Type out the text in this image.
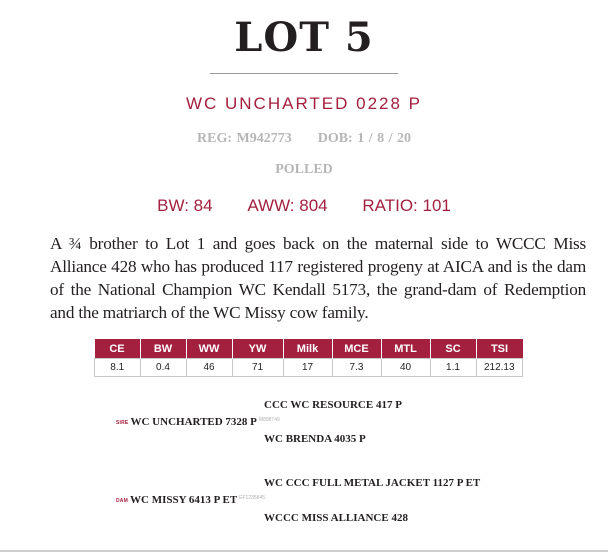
LOT 5
WC UNCHARTED 0228 P
REG: M942773 DOB: 1 / 8 / 20
POLLED
BW: 84 AWW: 804 RATIO: 101
A ¾ brother to Lot 1 and goes back on the maternal side to WCCC Miss Alliance 428 who has produced 117 registered progeny at AICA and is the dam of the National Champion WC Kendall 5173, the grand-dam of Redemption and the matriarch of the WC Missy cow family.
CE	BW	WW	YW	Milk	MCE	MTL	SC	TSI
8.1	0.4	46	71	17	7.3	40	1.1	212.13
CCC WC RESOURCE 417 P
SIRE WC UNCHARTED 7328 P $^{M898749}$
WC BRENDA 4035 P
WC CCC FULL METAL JACKET 1127 P ET
DAM WC MISSY 6413 P ET $^{EF1235845}$
WCCC MISS ALLIANCE 428
